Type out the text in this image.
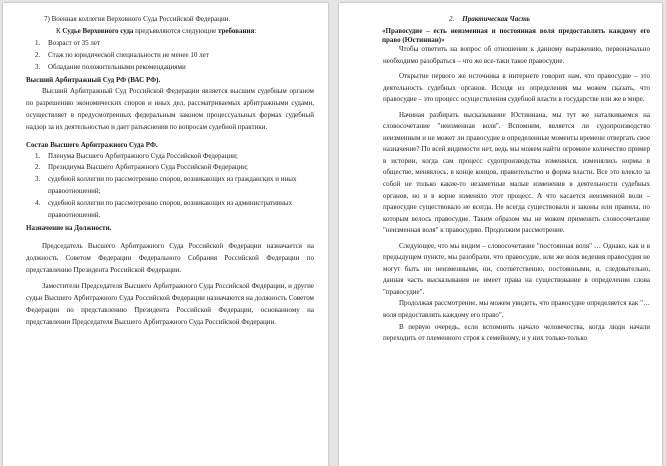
7) Военная коллегия Верховного Суда Российской Федерации.

К Судье Верховного суда предъявляются следующие требования:

1. Возраст от 35 лет
2. Стаж по юридической специальности не менее 10 лет
3. Обладание положительными рекомендациями
Высший Арбитражный Суд РФ (ВАС РФ).

Высший Арбитражный Суд Российской Федерации является высшим судебным органом по разрешению экономических споров и иных дел, рассматриваемых арбитражными судами, осуществляет в предусмотренных федеральным законом процессуальных формах судебный надзор за их деятельностью и дает разъяснения по вопросам судебной практики.

Состав Высшего Арбитражного Суда РФ.
1. Пленума Высшего Арбитражного Суда Российской Федерации;
2. Президиума Высшего Арбитражного Суда Российской Федерации;
3. судебной коллегии по рассмотрению споров, возникающих из гражданских и иных правоотношений;
4. судебной коллегии по рассмотрению споров, возникающих из административных правоотношений.
Назначение на Должности.

Председатель Высшего Арбитражного Суда Российской Федерации назначается на должность Советом Федерации Федерального Собрания Российской Федерации по представлению Президента Российской Федерации.

Заместители Председателя Высшего Арбитражного Суда Российской Федерации, и другие судьи Высшего Арбитражного Суда Российской Федерации назначаются на должность Советом Федерации по представлению Президента Российской Федерации, основанному на представлении Председателя Высшего Арбитражного Суда Российской Федерации.

2. Практическая Часть

«Правосудие – есть неизменная и постоянная воля предоставлять каждому его право (Юстиниан)»

Чтобы ответить на вопрос об отношении к данному выражению, первоначально необходимо разобраться – что же все-таки такое правосудие.

Открытие первого же источника в интернете говорит нам, что правосудие – это деятельность судебных органов. Исходя из определения мы можем сказать, что правосудие – это процесс осуществления судебной власти в государстве или же в мире.

Начиная разбирать высказывание Юстиниана, мы тут же наталкиваемся на словосочетание "неизменная воля". Вспомним, является ли судопроизводство неизменным и не может ли правосудие в определенные моменты времени отвергать свое назначение? По всей видимости нет, ведь мы можем найти огромное количество пример в истории, когда сам процесс судопроизводства изменялся, изменялись нормы в обществе, меняялось, в конце концов, правительство и форма власти. Все это влекло за собой не только какие-то незаметные малые изменения в деятельности судебных органов, но и в корне изменяло этот процесс. А что касается неизменной воли – правосудие существовало не всегда. Не всегда существовали и законы или правила, по которым велось правосудие. Таким образом мы не можем применить словосочетание "неизменная воля" к правосудию. Продолжим рассмотрение.

Следующее, что мы видим – словосочетание "постоянная воля" … Однако, как и в предыдущем пункте, мы разобрали, что правосудие, или же воля ведения правосудия не могут быть ни неизменными, ни, соответственно, постоянными, и, следовательно, данная часть высказывания не имеет права на существование в определении слова "правосудие".

Продолжая рассмотрение, мы можем увидеть, что правосудие определяется как "…воля предоставлять каждому его право".

В первую очередь, если вспомнить начало человечества, когда люди начали переходить от племенного строя к семейному, и у них только-только
